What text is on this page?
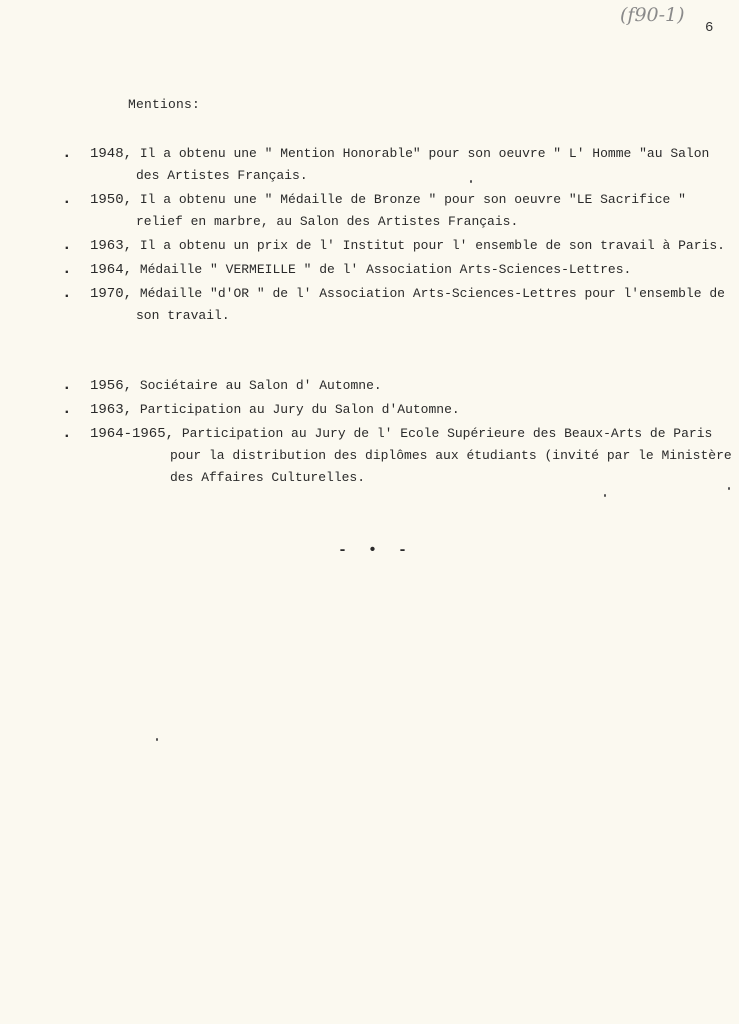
(f90-1)
6
Mentions:
. 1948, Il a obtenu une " Mention Honorable" pour son oeuvre " L' Homme "au Salon
des Artistes Français.
. 1950, Il a obtenu une " Médaille de Bronze " pour son oeuvre "LE Sacrifice "
relief en marbre, au Salon des Artistes Français.
. 1963, Il a obtenu un prix de l' Institut pour l' ensemble de son travail à Paris.
. 1964, Médaille " VERMEILLE " de l' Association Arts-Sciences-Lettres.
. 1970, Médaille "d'OR " de l' Association Arts-Sciences-Lettres pour l'ensemble de
son travail.
. 1956, Sociétaire au Salon d' Automne.
. 1963, Participation au Jury du Salon d'Automne.
. 1964-1965, Participation au Jury de l' Ecole Supérieure des Beaux-Arts de Paris
pour la distribution des diplômes aux étudiants (invité par le Ministère
des Affaires Culturelles.
- • -
